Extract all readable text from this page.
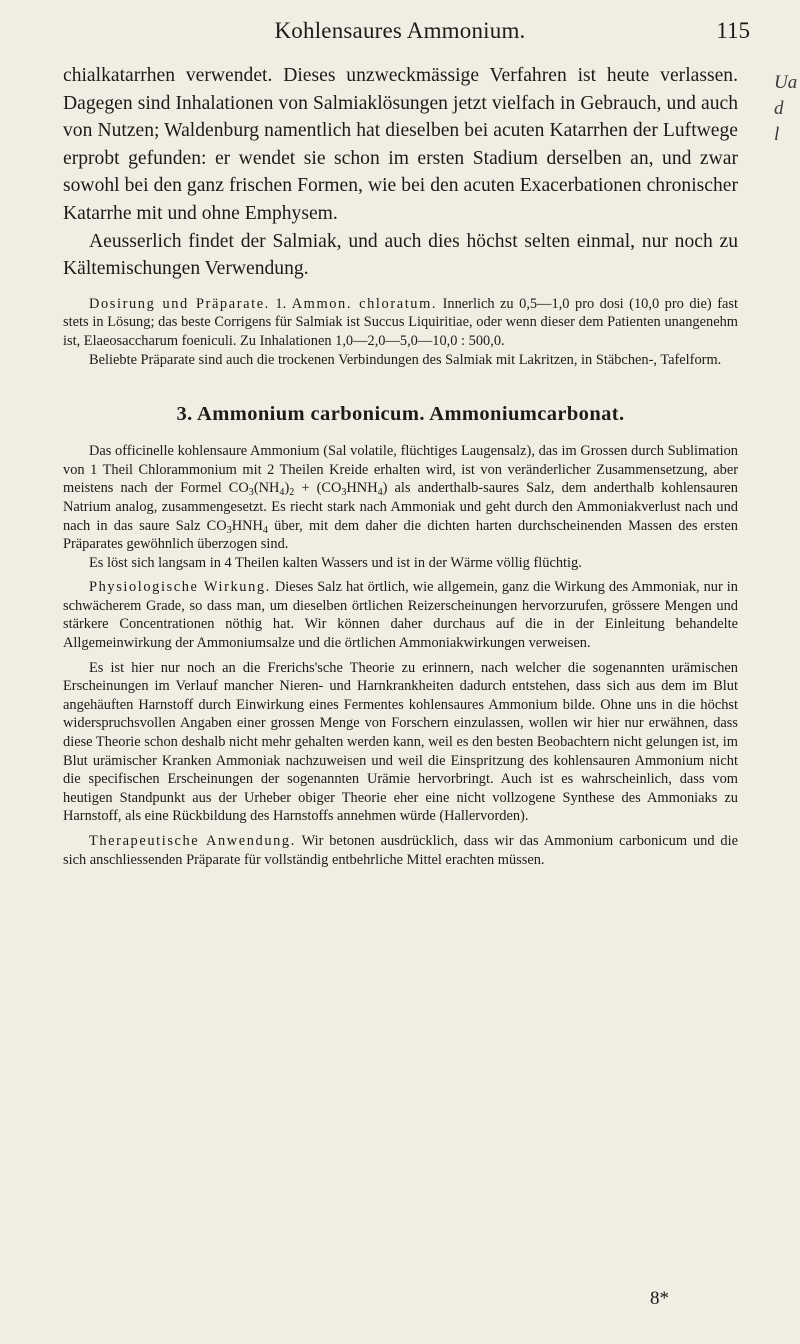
Kohlensaures Ammonium.	115
Ua
d
l

chialkatarrhen verwendet. Dieses unzweckmässige Verfahren ist heute verlassen. Dagegen sind Inhalationen von Salmiaklösungen jetzt vielfach in Gebrauch, und auch von Nutzen; Waldenburg namentlich hat dieselben bei acuten Katarrhen der Luftwege erprobt gefunden: er wendet sie schon im ersten Stadium derselben an, und zwar sowohl bei den ganz frischen Formen, wie bei den acuten Exacerbationen chronischer Katarrhe mit und ohne Emphysem.

Aeusserlich findet der Salmiak, und auch dies höchst selten einmal, nur noch zu Kältemischungen Verwendung.

Dosirung und Präparate. 1. Ammon. chloratum. Innerlich zu 0,5—1,0 pro dosi (10,0 pro die) fast stets in Lösung; das beste Corrigens für Salmiak ist Succus Liquiritiae, oder wenn dieser dem Patienten unangenehm ist, Elaeosaccharum foeniculi. Zu Inhalationen 1,0—2,0—5,0—10,0 : 500,0.

Beliebte Präparate sind auch die trockenen Verbindungen des Salmiak mit Lakritzen, in Stäbchen-, Tafelform.

3. Ammonium carbonicum. Ammoniumcarbonat.

Das officinelle kohlensaure Ammonium (Sal volatile, flüchtiges Laugensalz), das im Grossen durch Sublimation von 1 Theil Chlorammonium mit 2 Theilen Kreide erhalten wird, ist von veränderlicher Zusammensetzung, aber meistens nach der Formel $CO_3(NH_4)_2 + (CO_3HNH_4)$ als anderthalb-saures Salz, dem anderthalb kohlensauren Natrium analog, zusammengesetzt. Es riecht stark nach Ammoniak und geht durch den Ammoniakverlust nach und nach in das saure Salz $CO_3HNH_4$ über, mit dem daher die dichten harten durchscheinenden Massen des ersten Präparates gewöhnlich überzogen sind.

Es löst sich langsam in 4 Theilen kalten Wassers und ist in der Wärme völlig flüchtig.

Physiologische Wirkung. Dieses Salz hat örtlich, wie allgemein, ganz die Wirkung des Ammoniak, nur in schwächerem Grade, so dass man, um dieselben örtlichen Reizerscheinungen hervorzurufen, grössere Mengen und stärkere Concentrationen nöthig hat. Wir können daher durchaus auf die in der Einleitung behandelte Allgemeinwirkung der Ammoniumsalze und die örtlichen Ammoniakwirkungen verweisen.

Es ist hier nur noch an die Frerichs'sche Theorie zu erinnern, nach welcher die sogenannten urämischen Erscheinungen im Verlauf mancher Nieren- und Harnkrankheiten dadurch entstehen, dass sich aus dem im Blut angehäuften Harnstoff durch Einwirkung eines Fermentes kohlensaures Ammonium bilde. Ohne uns in die höchst widerspruchsvollen Angaben einer grossen Menge von Forschern einzulassen, wollen wir hier nur erwähnen, dass diese Theorie schon deshalb nicht mehr gehalten werden kann, weil es den besten Beobachtern nicht gelungen ist, im Blut urämischer Kranken Ammoniak nachzuweisen und weil die Einspritzung des kohlensauren Ammonium nicht die specifischen Erscheinungen der sogenannten Urämie hervorbringt. Auch ist es wahrscheinlich, dass vom heutigen Standpunkt aus der Urheber obiger Theorie eher eine nicht vollzogene Synthese des Ammoniaks zu Harnstoff, als eine Rückbildung des Harnstoffs annehmen würde (Hallervorden).

Therapeutische Anwendung. Wir betonen ausdrücklich, dass wir das Ammonium carbonicum und die sich anschliessenden Präparate für vollständig entbehrliche Mittel erachten müssen.

8*
